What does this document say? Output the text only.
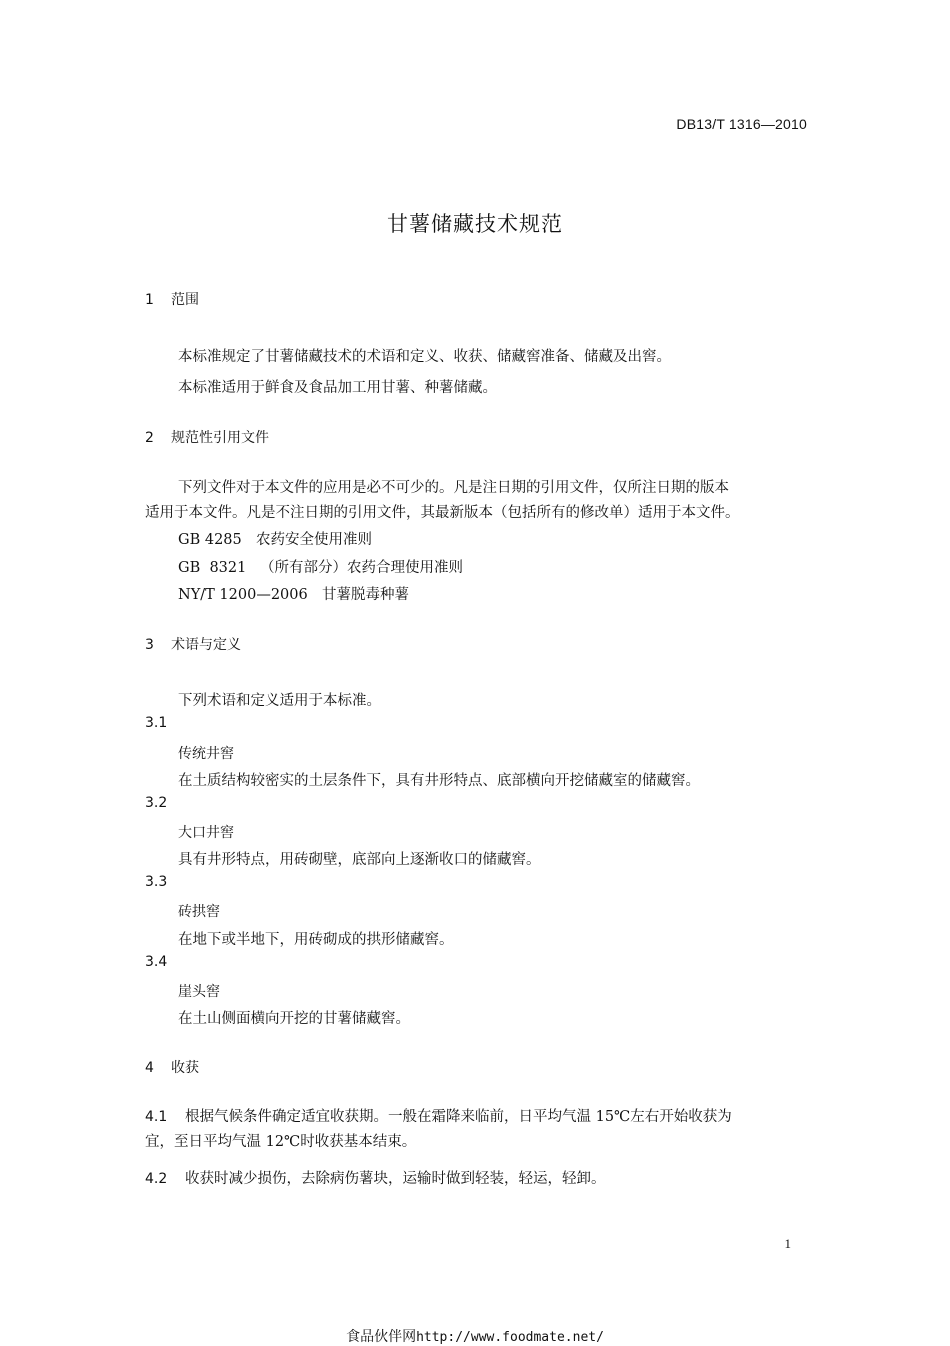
DB13/T 1316—2010
甘薯储藏技术规范
1 范围
本标准规定了甘薯储藏技术的术语和定义、收获、储藏窖准备、储藏及出窖。
本标准适用于鲜食及食品加工用甘薯、种薯储藏。
2 规范性引用文件
下列文件对于本文件的应用是必不可少的。凡是注日期的引用文件，仅所注日期的版本
适用于本文件。凡是不注日期的引用文件，其最新版本（包括所有的修改单）适用于本文件。
GB 4285 农药安全使用准则
GB  8321 （所有部分）农药合理使用准则
NY/T 1200—2006 甘薯脱毒种薯
3 术语与定义
下列术语和定义适用于本标准。
3.1
传统井窖
在土质结构较密实的土层条件下，具有井形特点、底部横向开挖储藏室的储藏窖。
3.2
大口井窖
具有井形特点，用砖砌壁，底部向上逐渐收口的储藏窖。
3.3
砖拱窖
在地下或半地下，用砖砌成的拱形储藏窖。
3.4
崖头窖
在土山侧面横向开挖的甘薯储藏窖。
4 收获
4.1 根据气候条件确定适宜收获期。一般在霜降来临前，日平均气温 15℃左右开始收获为
宜，至日平均气温 12℃时收获基本结束。
4.2 收获时减少损伤，去除病伤薯块，运输时做到轻装，轻运，轻卸。
1
食品伙伴网http://www.foodmate.net/
